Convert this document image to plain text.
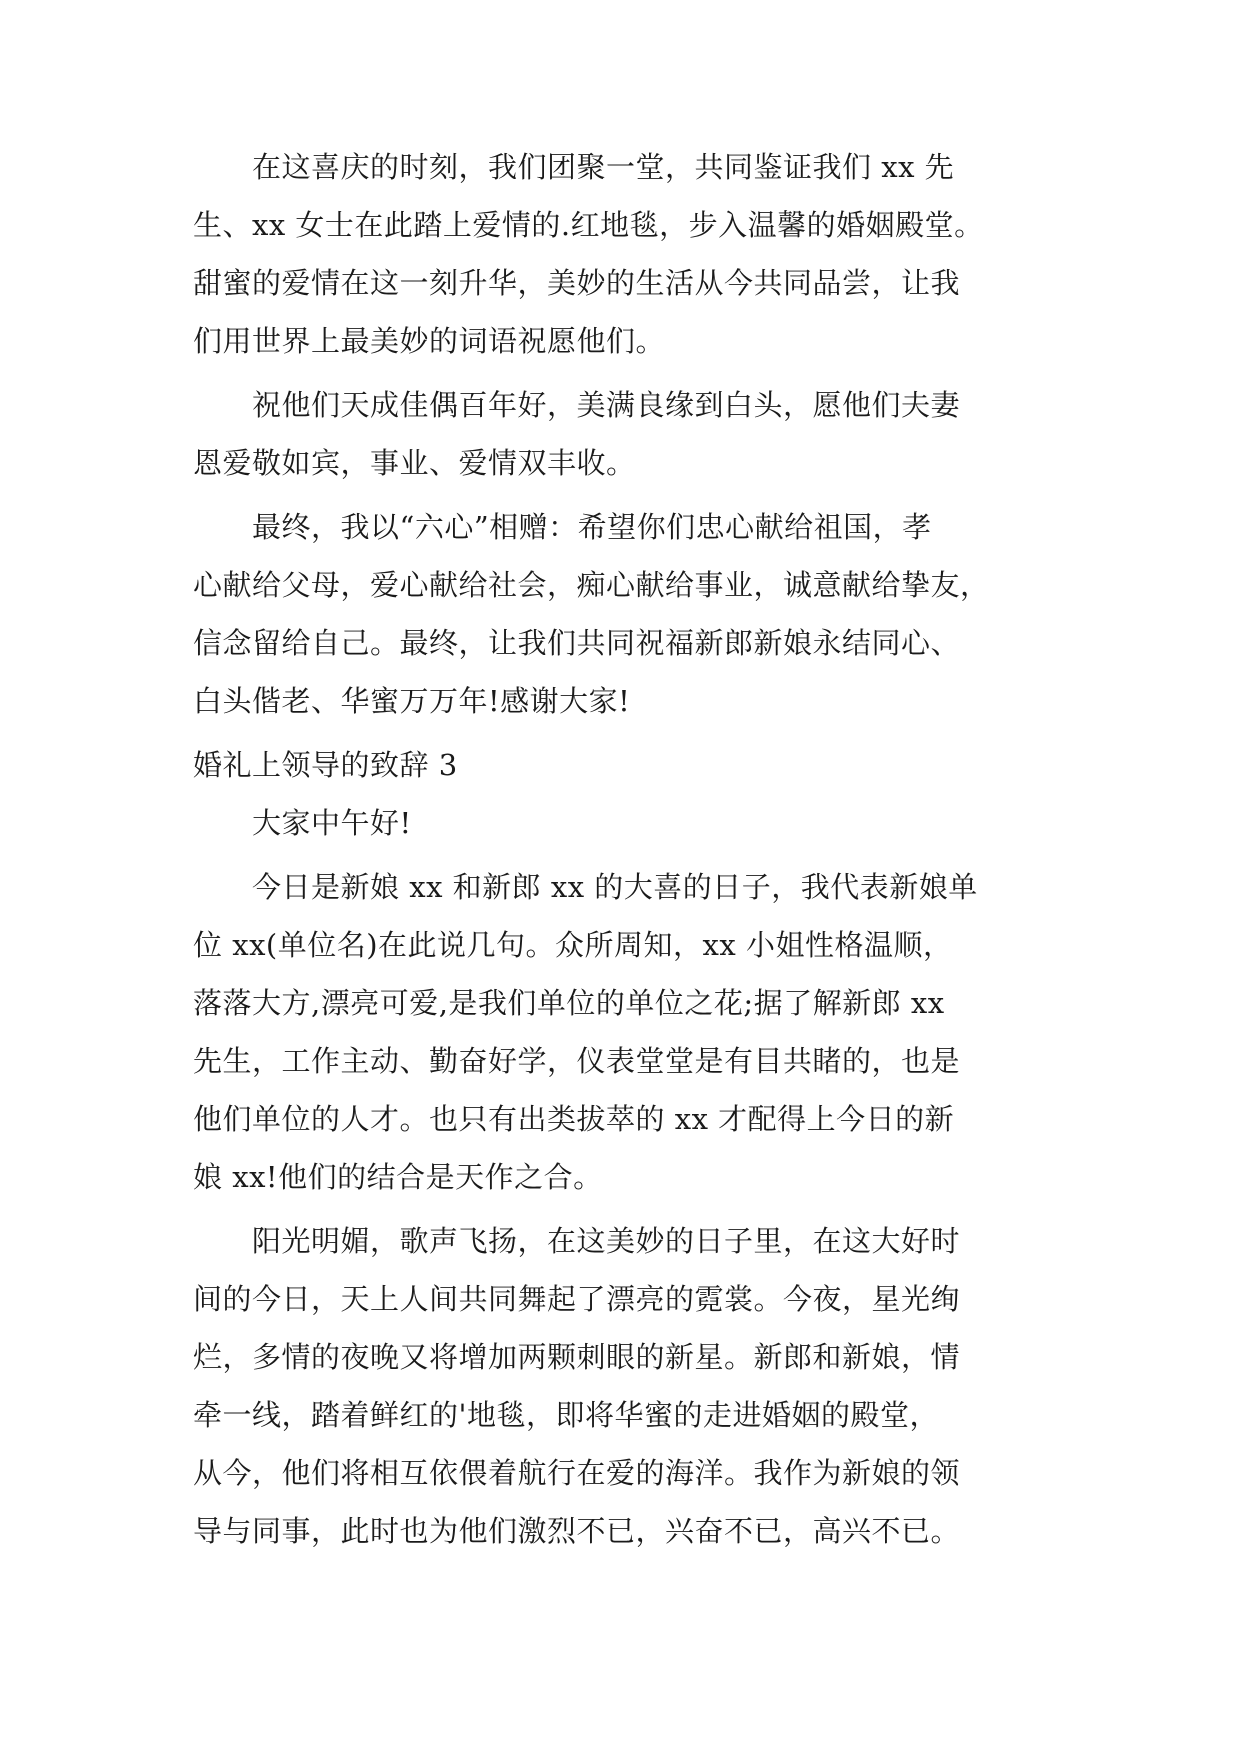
在这喜庆的时刻，我们团聚一堂，共同鉴证我们 xx 先
生、xx 女士在此踏上爱情的.红地毯，步入温馨的婚姻殿堂。
甜蜜的爱情在这一刻升华，美妙的生活从今共同品尝，让我
们用世界上最美妙的词语祝愿他们。
祝他们天成佳偶百年好，美满良缘到白头，愿他们夫妻
恩爱敬如宾，事业、爱情双丰收。
最终，我以“六心”相赠：希望你们忠心献给祖国，孝
心献给父母，爱心献给社会，痴心献给事业，诚意献给挚友，
信念留给自己。最终，让我们共同祝福新郎新娘永结同心、
白头偕老、华蜜万万年!感谢大家!
婚礼上领导的致辞 3
大家中午好!
今日是新娘 xx 和新郎 xx 的大喜的日子，我代表新娘单
位 xx(单位名)在此说几句。众所周知，xx 小姐性格温顺，
落落大方,漂亮可爱,是我们单位的单位之花;据了解新郎 xx
先生，工作主动、勤奋好学，仪表堂堂是有目共睹的，也是
他们单位的人才。也只有出类拔萃的 xx 才配得上今日的新
娘 xx!他们的结合是天作之合。
阳光明媚，歌声飞扬，在这美妙的日子里，在这大好时
间的今日，天上人间共同舞起了漂亮的霓裳。今夜，星光绚
烂，多情的夜晚又将增加两颗刺眼的新星。新郎和新娘，情
牵一线，踏着鲜红的'地毯，即将华蜜的走进婚姻的殿堂，
从今，他们将相互依偎着航行在爱的海洋。我作为新娘的领
导与同事，此时也为他们激烈不已，兴奋不已，高兴不已。
